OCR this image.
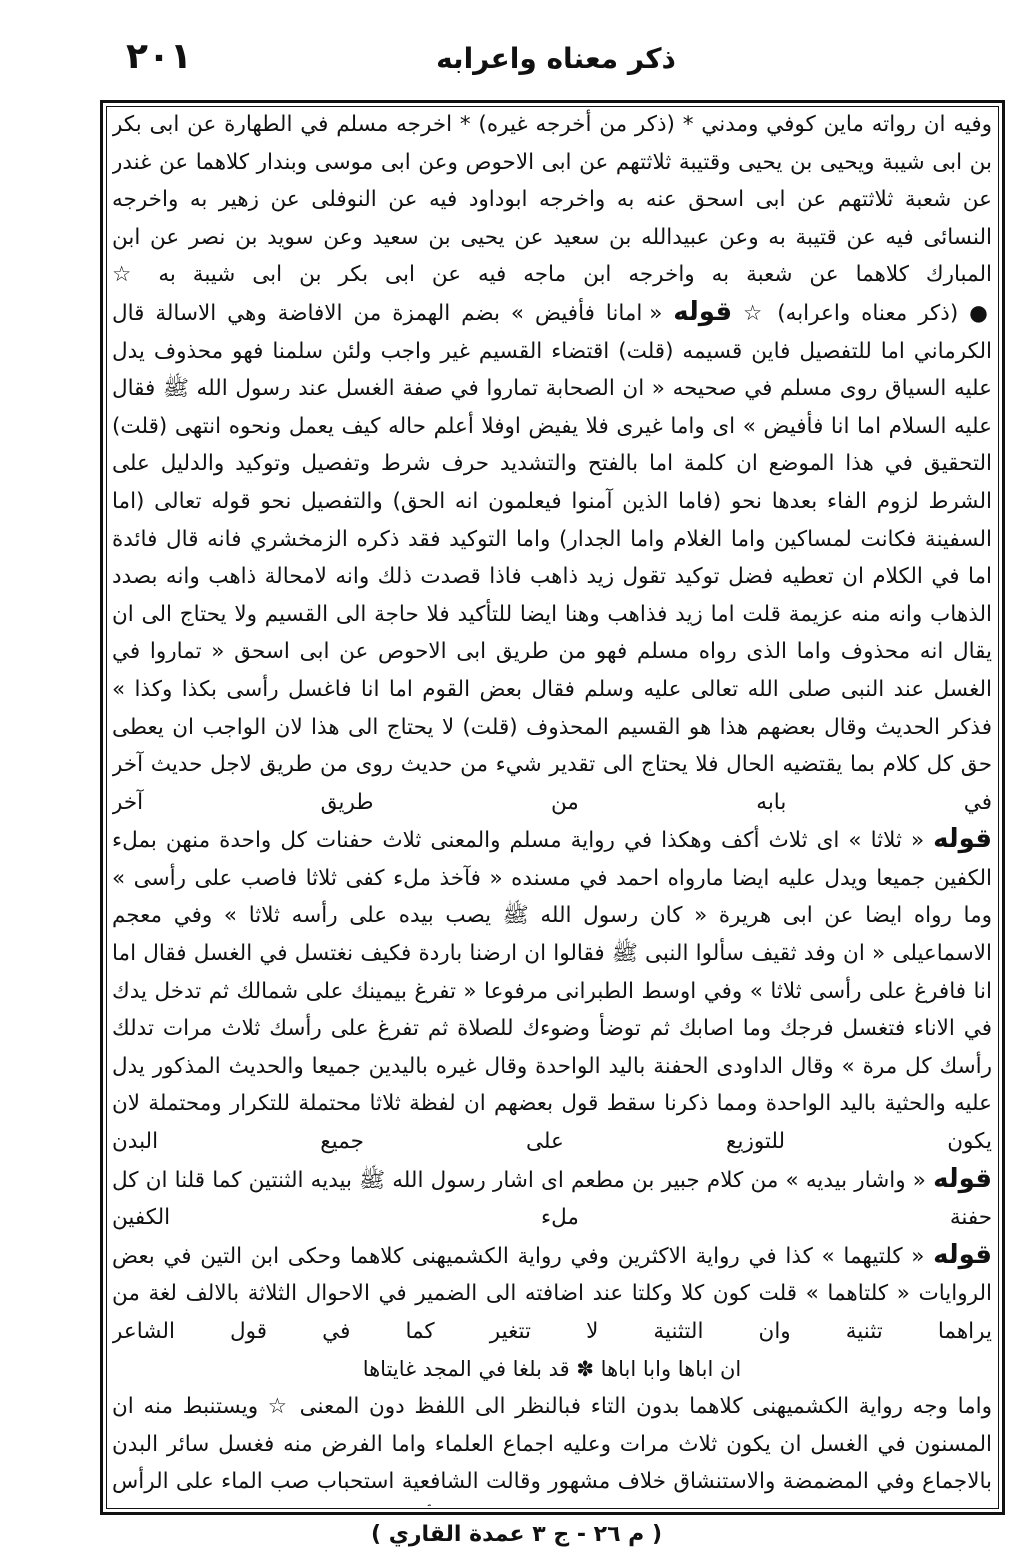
٢٠١	ذكر معناه واعرابه

وفيه ان رواته ماين كوفي ومدني * (ذكر من أخرجه غيره) * اخرجه مسلم في الطهارة عن ابى بكر بن ابى شيبة ويحيى بن يحيى وقتيبة ثلاثتهم عن ابى الاحوص وعن ابى موسى وبندار كلاهما عن غندر عن شعبة ثلاثتهم عن ابى اسحق عنه به واخرجه ابوداود فيه عن النوفلى عن زهير به واخرجه النسائى فيه عن قتيبة به وعن عبيدالله بن سعيد عن يحيى بن سعيد وعن سويد بن نصر عن ابن المبارك كلاهما عن شعبة به واخرجه ابن ماجه فيه عن ابى بكر بن ابى شيبة به ☆

● (ذكر معناه واعرابه) ☆ قوله « امانا فأفيض » بضم الهمزة من الافاضة وهي الاسالة قال الكرماني اما للتفصيل فاين قسيمه (قلت) اقتضاء القسيم غير واجب ولئن سلمنا فهو محذوف يدل عليه السياق روى مسلم في صحيحه « ان الصحابة تماروا في صفة الغسل عند رسول الله ﷺ فقال عليه السلام اما انا فأفيض » اى واما غيرى فلا يفيض اوفلا أعلم حاله كيف يعمل ونحوه انتهى (قلت) التحقيق في هذا الموضع ان كلمة اما بالفتح والتشديد حرف شرط وتفصيل وتوكيد والدليل على الشرط لزوم الفاء بعدها نحو (فاما الذين آمنوا فيعلمون انه الحق) والتفصيل نحو قوله تعالى (اما السفينة فكانت لمساكين واما الغلام واما الجدار) واما التوكيد فقد ذكره الزمخشري فانه قال فائدة اما في الكلام ان تعطيه فضل توكيد تقول زيد ذاهب فاذا قصدت ذلك وانه لامحالة ذاهب وانه بصدد الذهاب وانه منه عزيمة قلت اما زيد فذاهب وهنا ايضا للتأكيد فلا حاجة الى القسيم ولا يحتاج الى ان يقال انه محذوف واما الذى رواه مسلم فهو من طريق ابى الاحوص عن ابى اسحق « تماروا في الغسل عند النبى صلى الله تعالى عليه وسلم فقال بعض القوم اما انا فاغسل رأسى بكذا وكذا » فذكر الحديث وقال بعضهم هذا هو القسيم المحذوف (قلت) لا يحتاج الى هذا لان الواجب ان يعطى حق كل كلام بما يقتضيه الحال فلا يحتاج الى تقدير شيء من حديث روى من طريق لاجل حديث آخر في بابه من طريق آخر

قوله « ثلاثا » اى ثلاث أكف وهكذا في رواية مسلم والمعنى ثلاث حفنات كل واحدة منهن بملء الكفين جميعا ويدل عليه ايضا مارواه احمد في مسنده « فآخذ ملء كفى ثلاثا فاصب على رأسى » وما رواه ايضا عن ابى هريرة « كان رسول الله ﷺ يصب بيده على رأسه ثلاثا » وفي معجم الاسماعيلى « ان وفد ثقيف سألوا النبى ﷺ فقالوا ان ارضنا باردة فكيف نغتسل في الغسل فقال اما انا فافرغ على رأسى ثلاثا » وفي اوسط الطبرانى مرفوعا « تفرغ بيمينك على شمالك ثم تدخل يدك في الاناء فتغسل فرجك وما اصابك ثم توضأ وضوءك للصلاة ثم تفرغ على رأسك ثلاث مرات تدلك رأسك كل مرة » وقال الداودى الحفنة باليد الواحدة وقال غيره باليدين جميعا والحديث المذكور يدل عليه والحثية باليد الواحدة ومما ذكرنا سقط قول بعضهم ان لفظة ثلاثا محتملة للتكرار ومحتملة لان يكون للتوزيع على جميع البدن

قوله « واشار بيديه » من كلام جبير بن مطعم اى اشار رسول الله ﷺ بيديه الثنتين كما قلنا ان كل حفنة ملء الكفين

قوله « كلتيهما » كذا في رواية الاكثرين وفي رواية الكشميهنى كلاهما وحكى ابن التين في بعض الروايات « كلتاهما » قلت كون كلا وكلتا عند اضافته الى الضمير في الاحوال الثلاثة بالالف لغة من يراهما تثنية وان التثنية لا تتغير كما في قول الشاعر

ان اباها وابا اباها ✽ قد بلغا في المجد غايتاها

واما وجه رواية الكشميهنى كلاهما بدون التاء فبالنظر الى اللفظ دون المعنى ☆ ويستنبط منه ان المسنون في الغسل ان يكون ثلاث مرات وعليه اجماع العلماء واما الفرض منه فغسل سائر البدن بالاجماع وفي المضمضة والاستنشاق خلاف مشهور وقالت الشافعية استحباب صب الماء على الرأس

( م ٢٦ - ج ٣ عمدة القاري )
